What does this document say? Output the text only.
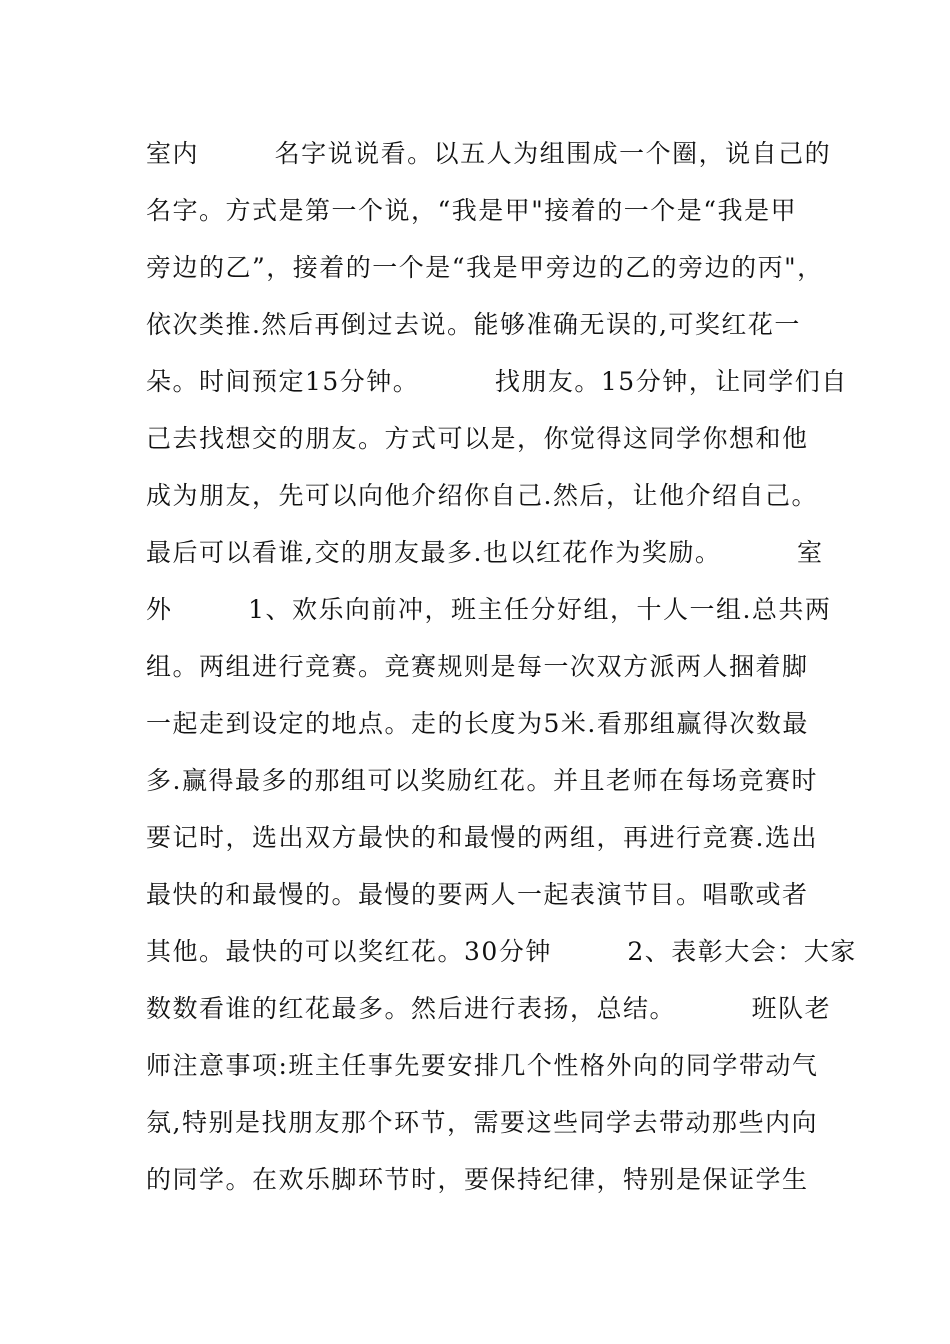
室内        名字说说看。以五人为组围成一个圈，说自己的
名字。方式是第一个说，“我是甲"接着的一个是“我是甲
旁边的乙”，接着的一个是“我是甲旁边的乙的旁边的丙"，
依次类推.然后再倒过去说。能够准确无误的,可奖红花一
朵。时间预定15分钟。        找朋友。15分钟，让同学们自
己去找想交的朋友。方式可以是，你觉得这同学你想和他
成为朋友，先可以向他介绍你自己.然后，让他介绍自己。
最后可以看谁,交的朋友最多.也以红花作为奖励。        室
外        1、欢乐向前冲，班主任分好组，十人一组.总共两
组。两组进行竞赛。竞赛规则是每一次双方派两人捆着脚
一起走到设定的地点。走的长度为5米.看那组赢得次数最
多.赢得最多的那组可以奖励红花。并且老师在每场竞赛时
要记时，选出双方最快的和最慢的两组，再进行竞赛.选出
最快的和最慢的。最慢的要两人一起表演节目。唱歌或者
其他。最快的可以奖红花。30分钟        2、表彰大会：大家
数数看谁的红花最多。然后进行表扬，总结。        班队老
师注意事项:班主任事先要安排几个性格外向的同学带动气
氛,特别是找朋友那个环节，需要这些同学去带动那些内向
的同学。在欢乐脚环节时，要保持纪律，特别是保证学生
